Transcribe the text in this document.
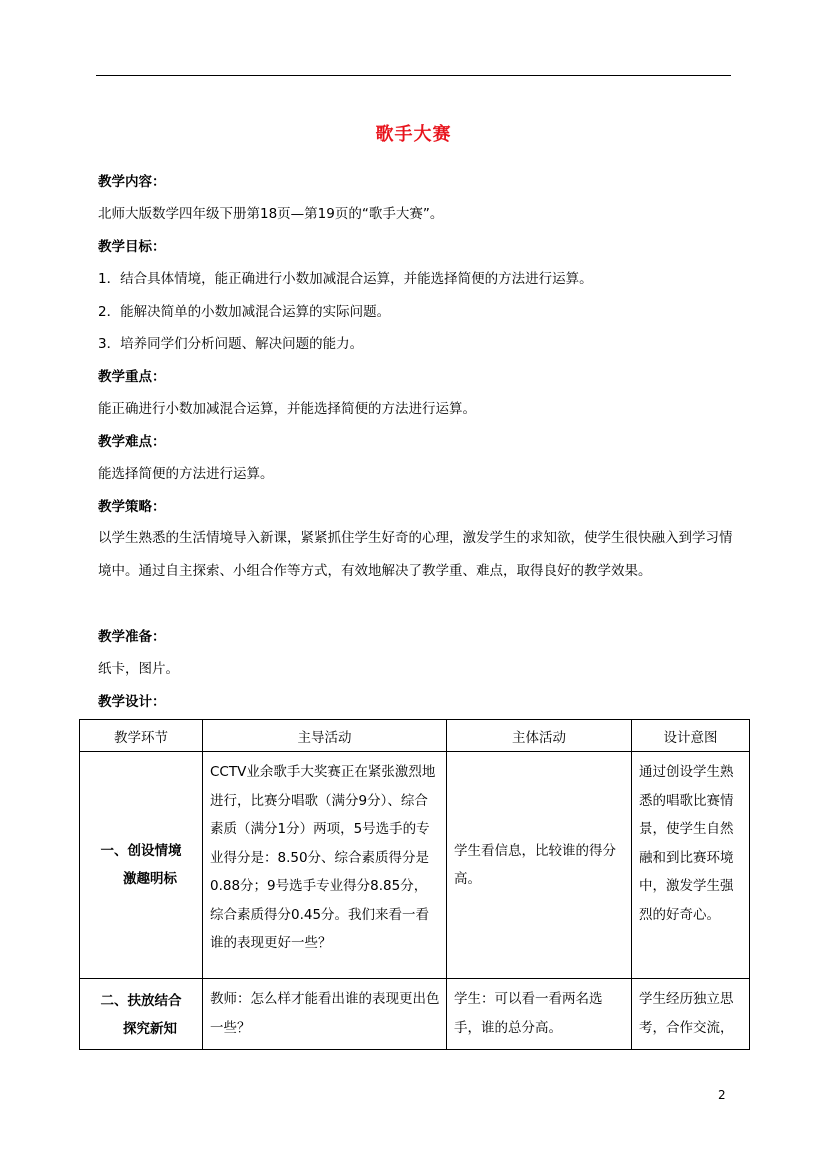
歌手大赛
教学内容：
北师大版数学四年级下册第18页—第19页的“歌手大赛”。
教学目标：
1．结合具体情境，能正确进行小数加减混合运算，并能选择简便的方法进行运算。
2．能解决简单的小数加减混合运算的实际问题。
3．培养同学们分析问题、解决问题的能力。
教学重点：
能正确进行小数加减混合运算，并能选择简便的方法进行运算。
教学难点：
能选择简便的方法进行运算。
教学策略：
以学生熟悉的生活情境导入新课，紧紧抓住学生好奇的心理，激发学生的求知欲，使学生很快融入到学习情境中。通过自主探索、小组合作等方式，有效地解决了教学重、难点，取得良好的教学效果。
教学准备：
纸卡，图片。
教学设计：
教学环节	主导活动	主体活动	设计意图

一、创设情境
激趣明标	CCTV业余歌手大奖赛正在紧张激烈地进行，比赛分唱歌（满分9分）、综合素质（满分1分）两项，5号选手的专业得分是：8.50分、综合素质得分是0.88分；9号选手专业得分8.85分，综合素质得分0.45分。我们来看一看谁的表现更好一些？	学生看信息，比较谁的得分高。	通过创设学生熟悉的唱歌比赛情景，使学生自然融和到比赛环境中，激发学生强烈的好奇心。

二、扶放结合
探究新知	教师：怎么样才能看出谁的表现更出色一些？	学生：可以看一看两名选手，谁的总分高。	学生经历独立思考，合作交流，
2
